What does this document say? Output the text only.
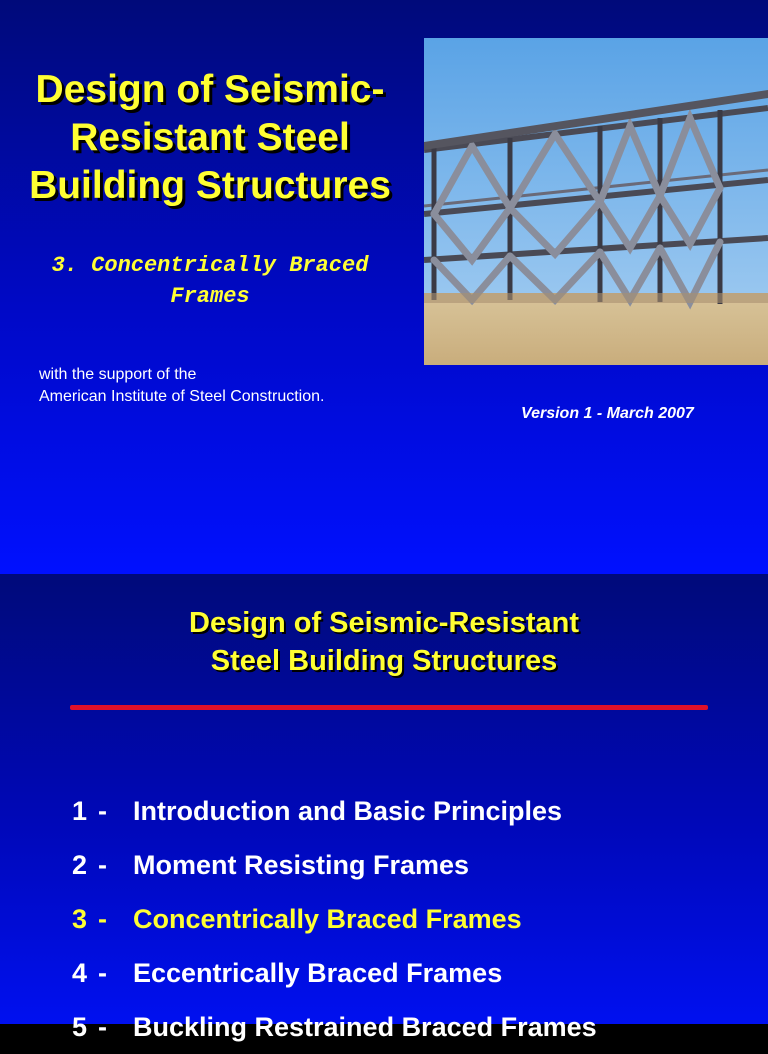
Design of Seismic-
Resistant Steel
Building Structures
3. Concentrically Braced
Frames
with the support of the
American Institute of Steel Construction.
Version 1 - March 2007
Design of Seismic-Resistant
Steel Building Structures
1 - Introduction and Basic Principles
2 - Moment Resisting Frames
3 - Concentrically Braced Frames
4 - Eccentrically Braced Frames
5 - Buckling Restrained Braced Frames
